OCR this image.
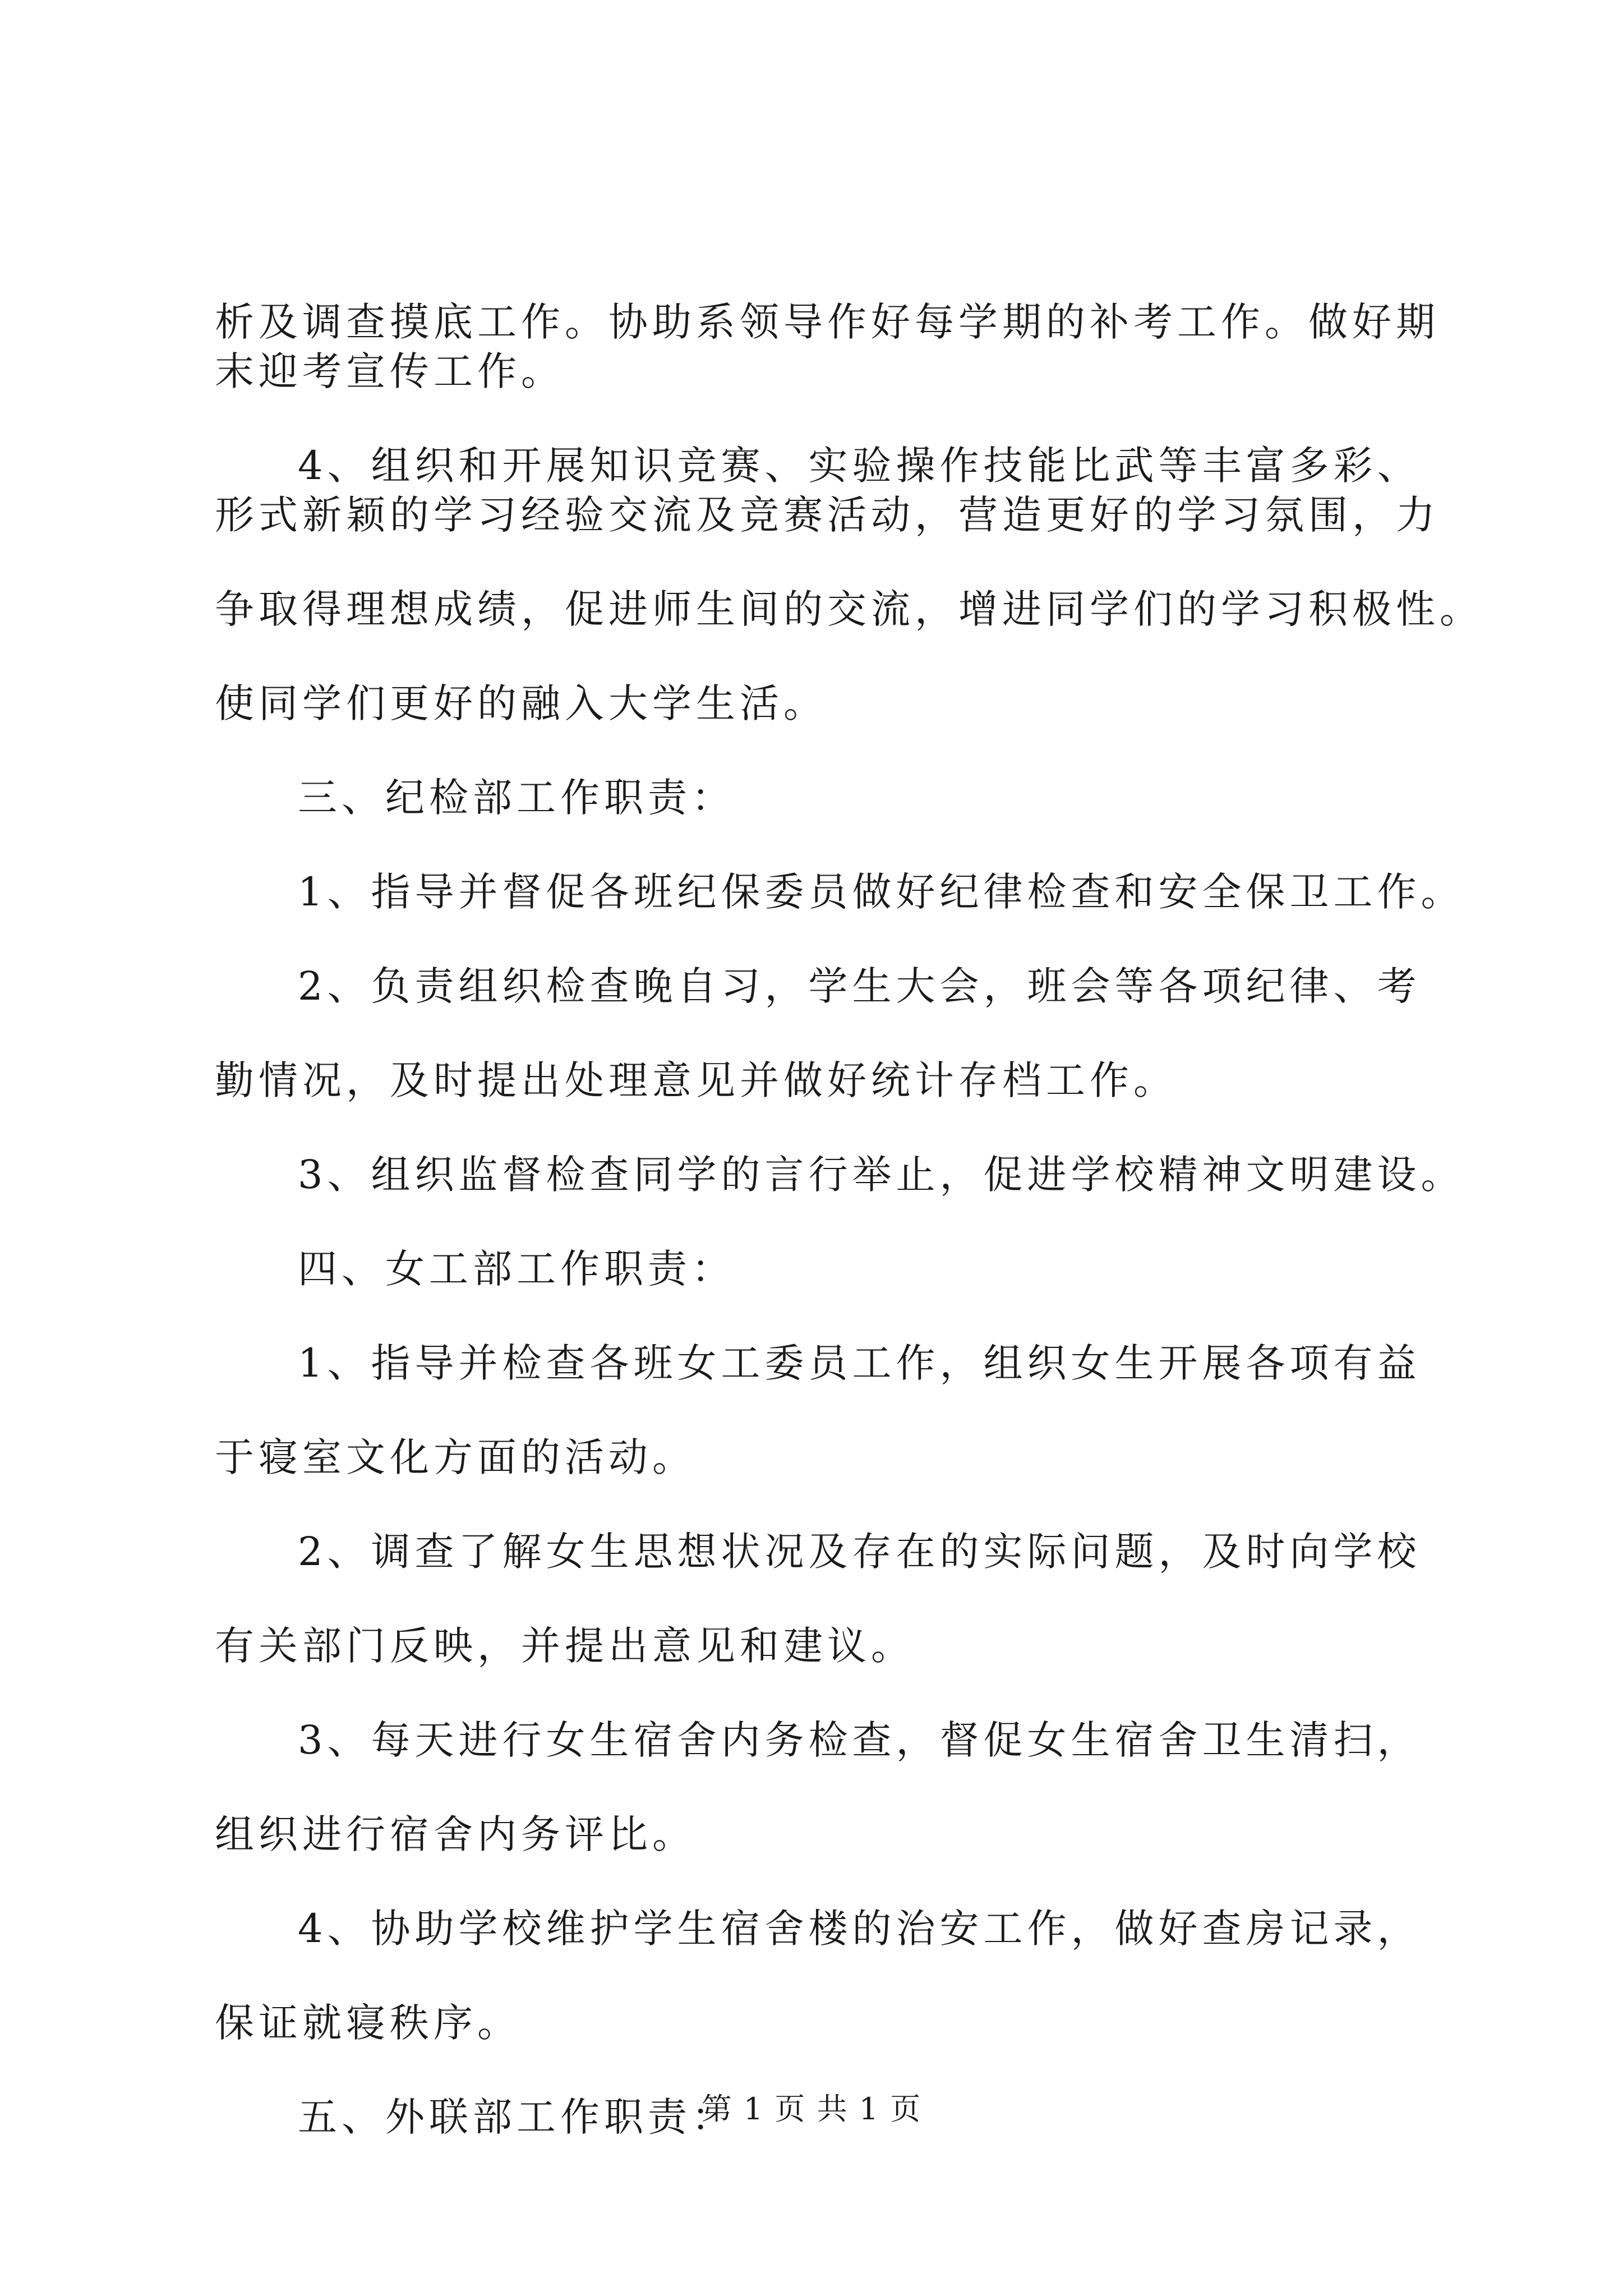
析及调查摸底工作。协助系领导作好每学期的补考工作。做好期

末迎考宣传工作。

4、组织和开展知识竞赛、实验操作技能比武等丰富多彩、

形式新颖的学习经验交流及竞赛活动，营造更好的学习氛围，力

争取得理想成绩，促进师生间的交流，增进同学们的学习积极性。

使同学们更好的融入大学生活。

三、纪检部工作职责：

1、指导并督促各班纪保委员做好纪律检查和安全保卫工作。

2、负责组织检查晚自习，学生大会，班会等各项纪律、考

勤情况，及时提出处理意见并做好统计存档工作。

3、组织监督检查同学的言行举止，促进学校精神文明建设。

四、女工部工作职责：

1、指导并检查各班女工委员工作，组织女生开展各项有益

于寝室文化方面的活动。

2、调查了解女生思想状况及存在的实际问题，及时向学校

有关部门反映，并提出意见和建议。

3、每天进行女生宿舍内务检查，督促女生宿舍卫生清扫，

组织进行宿舍内务评比。

4、协助学校维护学生宿舍楼的治安工作，做好查房记录，

保证就寝秩序。

五、外联部工作职责：

第 1 页 共 1 页
